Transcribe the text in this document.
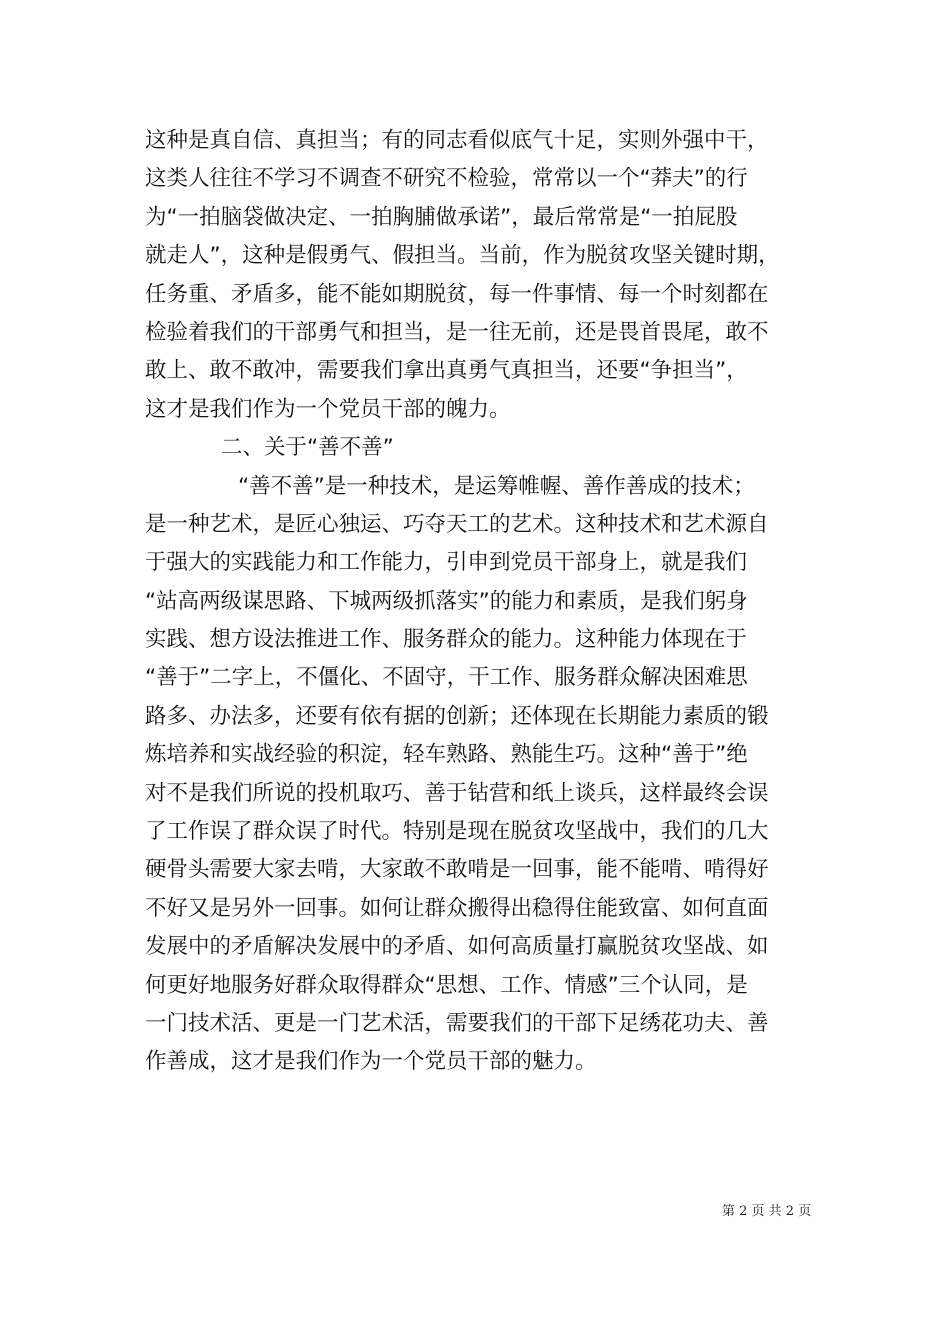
这种是真自信、真担当；有的同志看似底气十足，实则外强中干，
这类人往往不学习不调查不研究不检验，常常以一个“莽夫”的行
为“一拍脑袋做决定、一拍胸脯做承诺”，最后常常是“一拍屁股
就走人”，这种是假勇气、假担当。当前，作为脱贫攻坚关键时期，
任务重、矛盾多，能不能如期脱贫，每一件事情、每一个时刻都在
检验着我们的干部勇气和担当，是一往无前，还是畏首畏尾，敢不
敢上、敢不敢冲，需要我们拿出真勇气真担当，还要“争担当”，
这才是我们作为一个党员干部的魄力。
二、关于“善不善”
“善不善”是一种技术，是运筹帷幄、善作善成的技术；
是一种艺术，是匠心独运、巧夺天工的艺术。这种技术和艺术源自
于强大的实践能力和工作能力，引申到党员干部身上，就是我们
“站高两级谋思路、下城两级抓落实”的能力和素质，是我们躬身
实践、想方设法推进工作、服务群众的能力。这种能力体现在于
“善于”二字上，不僵化、不固守，干工作、服务群众解决困难思
路多、办法多，还要有依有据的创新；还体现在长期能力素质的锻
炼培养和实战经验的积淀，轻车熟路、熟能生巧。这种“善于”绝
对不是我们所说的投机取巧、善于钻营和纸上谈兵，这样最终会误
了工作误了群众误了时代。特别是现在脱贫攻坚战中，我们的几大
硬骨头需要大家去啃，大家敢不敢啃是一回事，能不能啃、啃得好
不好又是另外一回事。如何让群众搬得出稳得住能致富、如何直面
发展中的矛盾解决发展中的矛盾、如何高质量打赢脱贫攻坚战、如
何更好地服务好群众取得群众“思想、工作、情感”三个认同，是
一门技术活、更是一门艺术活，需要我们的干部下足绣花功夫、善
作善成，这才是我们作为一个党员干部的魅力。
第 2 页 共 2 页
